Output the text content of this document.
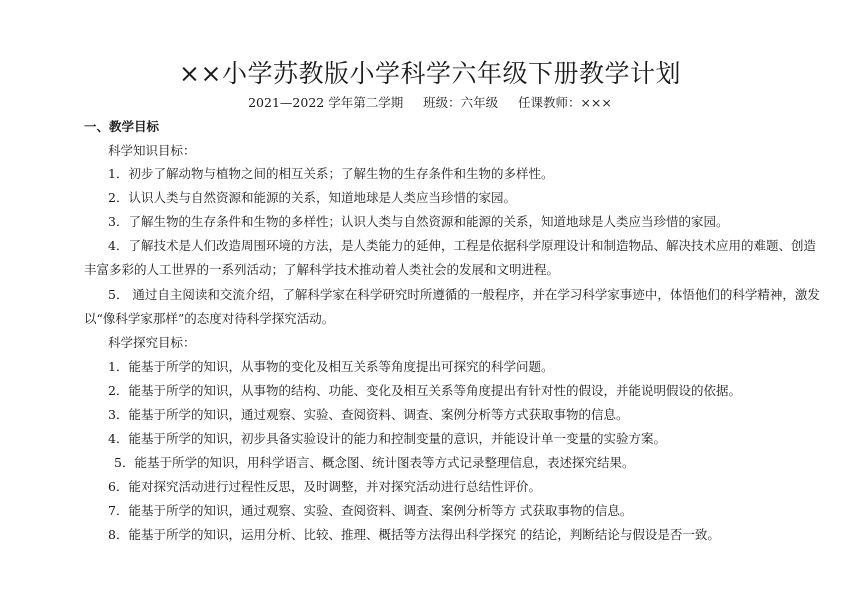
××小学苏教版小学科学六年级下册教学计划
2021—2022 学年第二学期     班级：六年级     任课教师：×××
一、教学目标
科学知识目标：
1．初步了解动物与植物之间的相互关系；了解生物的生存条件和生物的多样性。
2．认识人类与自然资源和能源的关系，知道地球是人类应当珍惜的家园。
3．了解生物的生存条件和生物的多样性；认识人类与自然资源和能源的关系，知道地球是人类应当珍惜的家园。
4．了解技术是人们改造周围环境的方法，是人类能力的延伸，工程是依据科学原理设计和制造物品、解决技术应用的难题、创造
丰富多彩的人工世界的一系列活动；了解科学技术推动着人类社会的发展和文明进程。
5． 通过自主阅读和交流介绍，了解科学家在科学研究时所遵循的一般程序，并在学习科学家事迹中，体悟他们的科学精神，激发
以“像科学家那样”的态度对待科学探究活动。
科学探究目标：
1．能基于所学的知识，从事物的变化及相互关系等角度提出可探究的科学问题。
2．能基于所学的知识，从事物的结构、功能、变化及相互关系等角度提出有针对性的假设，并能说明假设的依据。
3．能基于所学的知识，通过观察、实验、查阅资料、调查、案例分析等方式获取事物的信息。
4．能基于所学的知识，初步具备实验设计的能力和控制变量的意识，并能设计单一变量的实验方案。
5．能基于所学的知识，用科学语言、概念图、统计图表等方式记录整理信息，表述探究结果。
6．能对探究活动进行过程性反思，及时调整，并对探究活动进行总结性评价。
7．能基于所学的知识，通过观察、实验、查阅资料、调查、案例分析等方 式获取事物的信息。
8．能基于所学的知识，运用分析、比较、推理、概括等方法得出科学探究 的结论，判断结论与假设是否一致。
